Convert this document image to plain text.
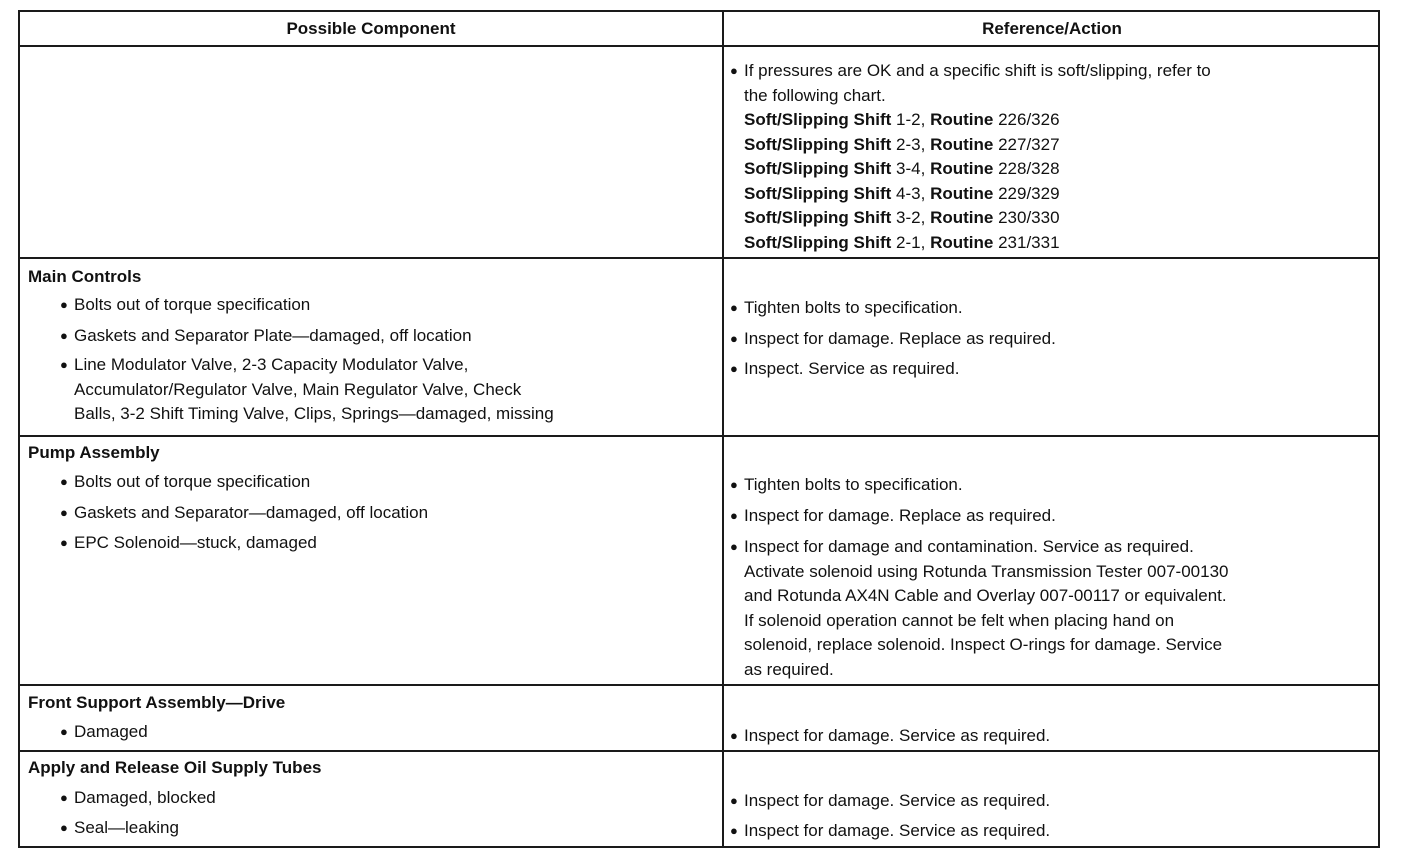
Possible Component	Reference/Action
● If pressures are OK and a specific shift is soft/slipping, refer to
the following chart.
Soft/Slipping Shift 1-2, Routine 226/326
Soft/Slipping Shift 2-3, Routine 227/327
Soft/Slipping Shift 3-4, Routine 228/328
Soft/Slipping Shift 4-3, Routine 229/329
Soft/Slipping Shift 3-2, Routine 230/330
Soft/Slipping Shift 2-1, Routine 231/331
Main Controls
● Bolts out of torque specification
● Gaskets and Separator Plate—damaged, off location
● Line Modulator Valve, 2-3 Capacity Modulator Valve,
Accumulator/Regulator Valve, Main Regulator Valve, Check
Balls, 3-2 Shift Timing Valve, Clips, Springs—damaged, missing
● Tighten bolts to specification.
● Inspect for damage. Replace as required.
● Inspect. Service as required.
Pump Assembly
● Bolts out of torque specification
● Gaskets and Separator—damaged, off location
● EPC Solenoid—stuck, damaged
● Tighten bolts to specification.
● Inspect for damage. Replace as required.
● Inspect for damage and contamination. Service as required.
Activate solenoid using Rotunda Transmission Tester 007-00130
and Rotunda AX4N Cable and Overlay 007-00117 or equivalent.
If solenoid operation cannot be felt when placing hand on
solenoid, replace solenoid. Inspect O-rings for damage. Service
as required.
Front Support Assembly—Drive
● Damaged	● Inspect for damage. Service as required.
Apply and Release Oil Supply Tubes
● Damaged, blocked
● Seal—leaking
● Inspect for damage. Service as required.
● Inspect for damage. Service as required.
